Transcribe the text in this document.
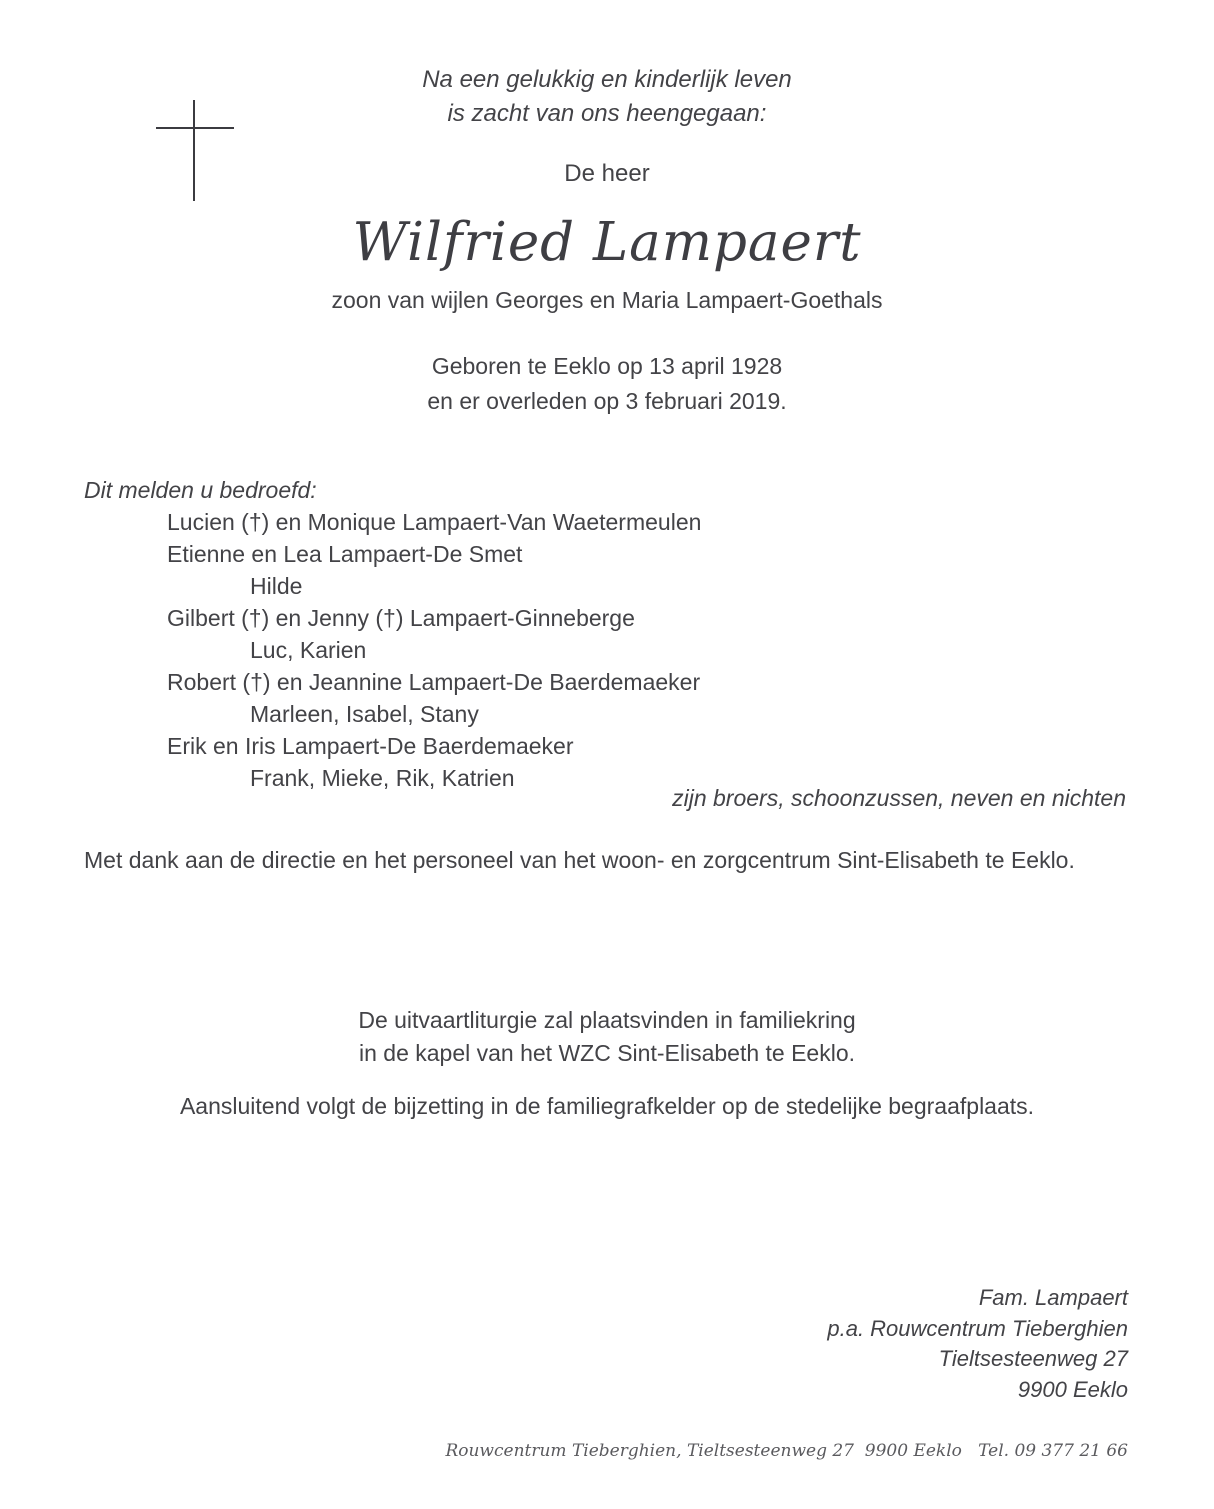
Na een gelukkig en kinderlijk leven
is zacht van ons heengegaan:
De heer
Wilfried Lampaert
zoon van wijlen Georges en Maria Lampaert-Goethals
Geboren te Eeklo op 13 april 1928
en er overleden op 3 februari 2019.
Dit melden u bedroefd:
Lucien (†) en Monique Lampaert-Van Waetermeulen
Etienne en Lea Lampaert-De Smet
Hilde
Gilbert (†) en Jenny (†) Lampaert-Ginneberge
Luc, Karien
Robert (†) en Jeannine Lampaert-De Baerdemaeker
Marleen, Isabel, Stany
Erik en Iris Lampaert-De Baerdemaeker
Frank, Mieke, Rik, Katrien
zijn broers, schoonzussen, neven en nichten
Met dank aan de directie en het personeel van het woon- en zorgcentrum Sint-Elisabeth te Eeklo.
De uitvaartliturgie zal plaatsvinden in familiekring
in de kapel van het WZC Sint-Elisabeth te Eeklo.
Aansluitend volgt de bijzetting in de familiegrafkelder op de stedelijke begraafplaats.
Fam. Lampaert
p.a. Rouwcentrum Tieberghien
Tieltsesteenweg 27
9900 Eeklo
Rouwcentrum Tieberghien, Tieltsesteenweg 27  9900 Eeklo   Tel. 09 377 21 66
